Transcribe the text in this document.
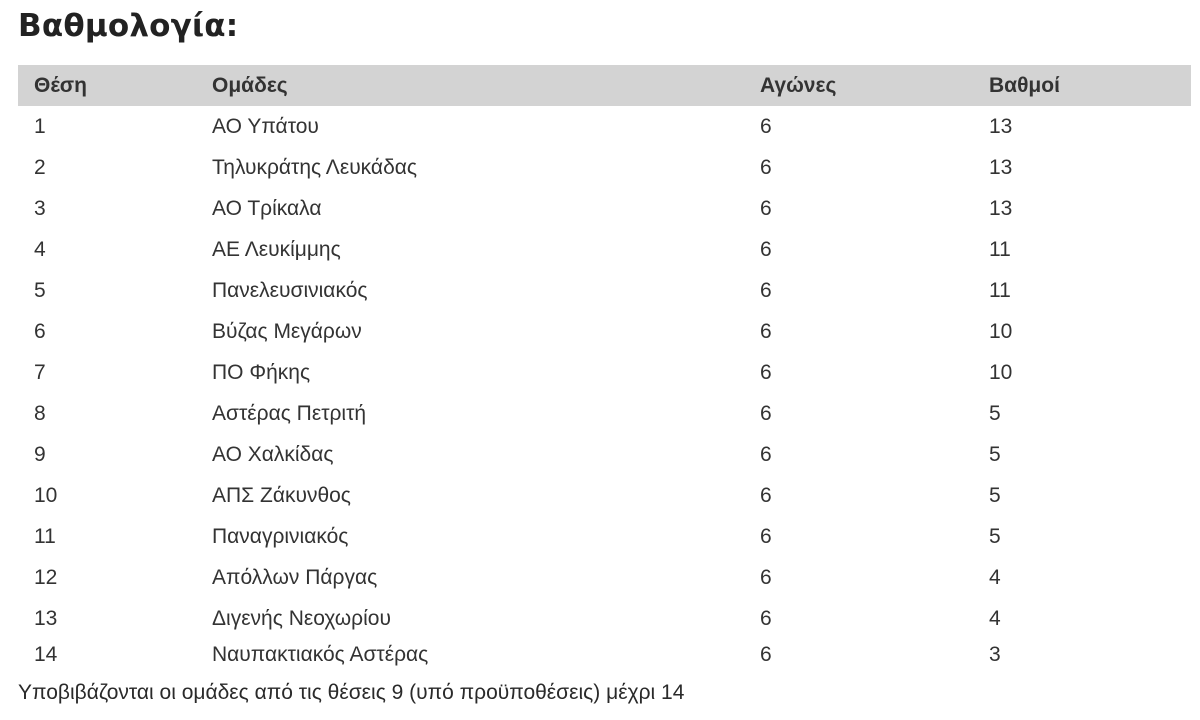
Βαθμολογία:
Θέση	Ομάδες	Αγώνες	Βαθμοί
1	ΑΟ Υπάτου	6	13
2	Τηλυκράτης Λευκάδας	6	13
3	ΑΟ Τρίκαλα	6	13
4	ΑΕ Λευκίμμης	6	11
5	Πανελευσινιακός	6	11
6	Βύζας Μεγάρων	6	10
7	ΠΟ Φήκης	6	10
8	Αστέρας Πετριτή	6	5
9	ΑΟ Χαλκίδας	6	5
10	ΑΠΣ Ζάκυνθος	6	5
11	Παναγρινιακός	6	5
12	Απόλλων Πάργας	6	4
13	Διγενής Νεοχωρίου	6	4
14	Ναυπακτιακός Αστέρας	6	3

Υποβιβάζονται οι ομάδες από τις θέσεις 9 (υπό προϋποθέσεις) μέχρι 14
